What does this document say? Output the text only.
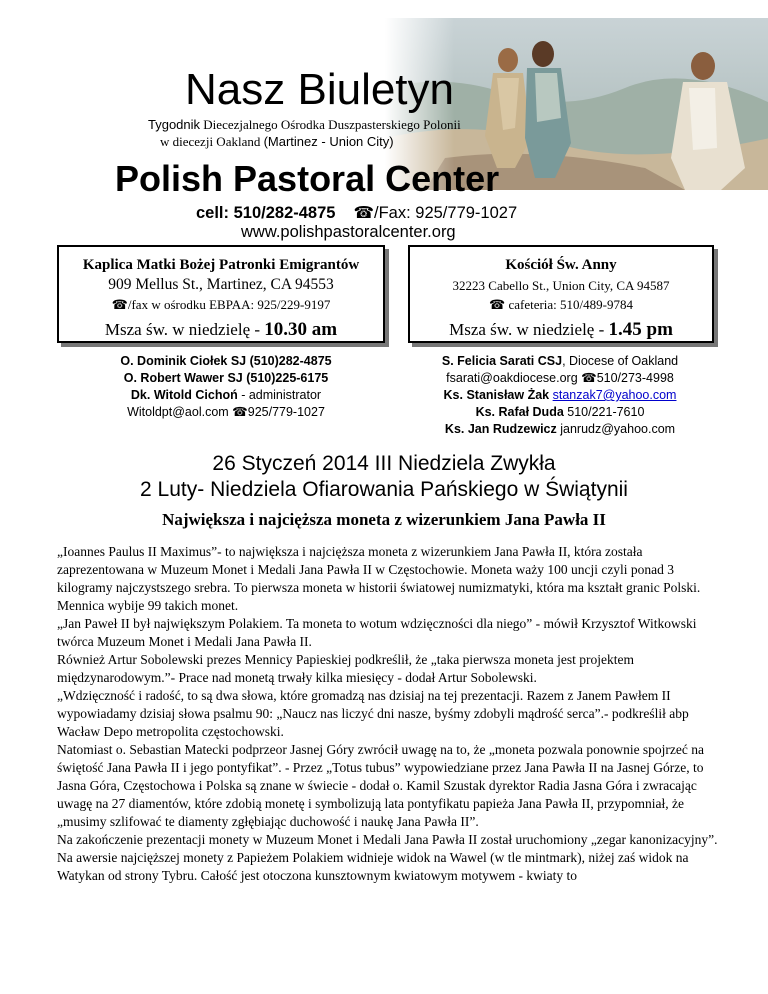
Nasz Biuletyn
Tygodnik Diecezjalnego Ośrodka Duszpasterskiego Polonii
w diecezji Oakland (Martinez - Union City)
Polish Pastoral Center
cell: 510/282-4875 ☎/Fax: 925/779-1027
www.polishpastoralcenter.org
Kaplica Matki Bożej Patronki Emigrantów
909 Mellus St., Martinez, CA 94553
☎/fax w ośrodku EBPAA: 925/229-9197
Msza św. w niedzielę - 10.30 am
Kościół Św. Anny
32223 Cabello St., Union City, CA 94587
☎ cafeteria: 510/489-9784
Msza św. w niedzielę - 1.45 pm
O. Dominik Ciołek SJ (510)282-4875
O. Robert Wawer SJ (510)225-6175
Dk. Witold Cichoń - administrator
Witoldpt@aol.com ☎925/779-1027
S. Felicia Sarati CSJ, Diocese of Oakland
fsarati@oakdiocese.org ☎510/273-4998
Ks. Stanisław Żak stanzak7@yahoo.com
Ks. Rafał Duda 510/221-7610
Ks. Jan Rudzewicz janrudz@yahoo.com
26 Styczeń 2014 III Niedziela Zwykła
2 Luty- Niedziela Ofiarowania Pańskiego w Świątynii
Największa i najcięższa moneta z wizerunkiem Jana Pawła II

„Ioannes Paulus II Maximus”- to największa i najcięższa moneta z wizerunkiem Jana Pawła II, która została zaprezentowana w Muzeum Monet i Medali Jana Pawła II w Częstochowie. Moneta waży 100 uncji czyli ponad 3 kilogramy najczystszego srebra. To pierwsza moneta w historii światowej numizmatyki, która ma kształt granic Polski. Mennica wybije 99 takich monet.

„Jan Paweł II był największym Polakiem. Ta moneta to wotum wdzięczności dla niego” - mówił Krzysztof Witkowski twórca Muzeum Monet i Medali Jana Pawła II.

Również Artur Sobolewski prezes Mennicy Papieskiej podkreślił, że „taka pierwsza moneta jest projektem międzynarodowym.”- Prace nad monetą trwały kilka miesięcy - dodał Artur Sobolewski.

„Wdzięczność i radość, to są dwa słowa, które gromadzą nas dzisiaj na tej prezentacji. Razem z Janem Pawłem II wypowiadamy dzisiaj słowa psalmu 90: „Naucz nas liczyć dni nasze, byśmy zdobyli mądrość serca”.- podkreślił abp Wacław Depo metropolita częstochowski.

Natomiast o. Sebastian Matecki podprzeor Jasnej Góry zwrócił uwagę na to, że „moneta pozwala ponownie spojrzeć na świętość Jana Pawła II i jego pontyfikat”. - Przez „Totus tubus” wypowiedziane przez Jana Pawła II na Jasnej Górze, to Jasna Góra, Częstochowa i Polska są znane w świecie - dodał o. Kamil Szustak dyrektor Radia Jasna Góra i zwracając uwagę na 27 diamentów, które zdobią monetę i symbolizują lata pontyfikatu papieża Jana Pawła II, przypomniał, że „musimy szlifować te diamenty zgłębiając duchowość i naukę Jana Pawła II”.

Na zakończenie prezentacji monety w Muzeum Monet i Medali Jana Pawła II został uruchomiony „zegar kanonizacyjny”.

Na awersie najcięższej monety z Papieżem Polakiem widnieje widok na Wawel (w tle mintmark), niżej zaś widok na Watykan od strony Tybru. Całość jest otoczona kunsztownym kwiatowym motywem - kwiaty to
